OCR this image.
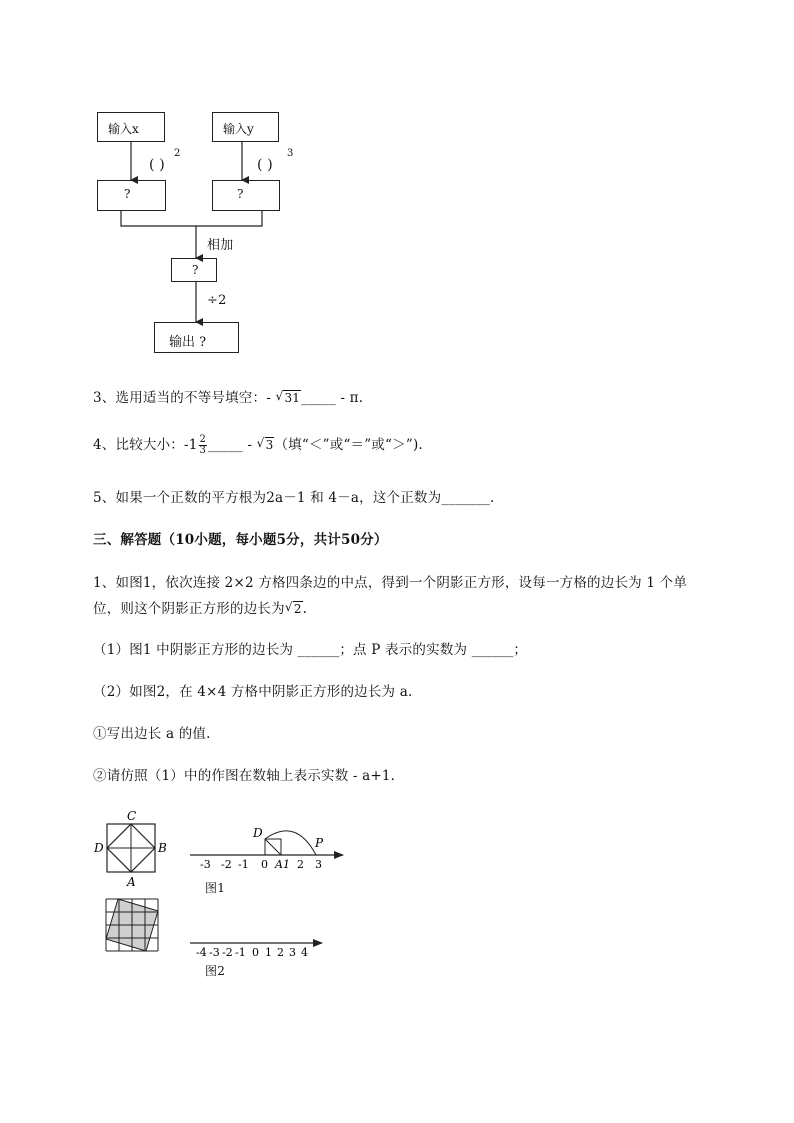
输入x	输入y
?	?
?
输出 ?
( )
2
( )
3
相加
÷2
3、选用适当的不等号填空：- √ 31_____ - π.
4、比较大小：$-1 \frac{2}{3}$ _____ - √ 3（填“＜”或“＝”或“＞”).
5、如果一个正数的平方根为2a－1 和 4－a，这个正数为_______.
三、解答题（10小题，每小题5分，共计50分）
1、如图1，依次连接 2×2 方格四条边的中点，得到一个阴影正方形，设每一方格的边长为 1 个单
位，则这个阴影正方形的边长为√ 2.
（1）图1 中阴影正方形的边长为 ______；点 P 表示的实数为 ______；
（2）如图2，在 4×4 方格中阴影正方形的边长为 a.
①写出边长 a 的值.
②请仿照（1）中的作图在数轴上表示实数 - a+1.
C
D	B
A
D
P
-3 -2 -1 0 A1 2 3
图1
-4 -3 -2 -1 0 1 2 3 4
图2
